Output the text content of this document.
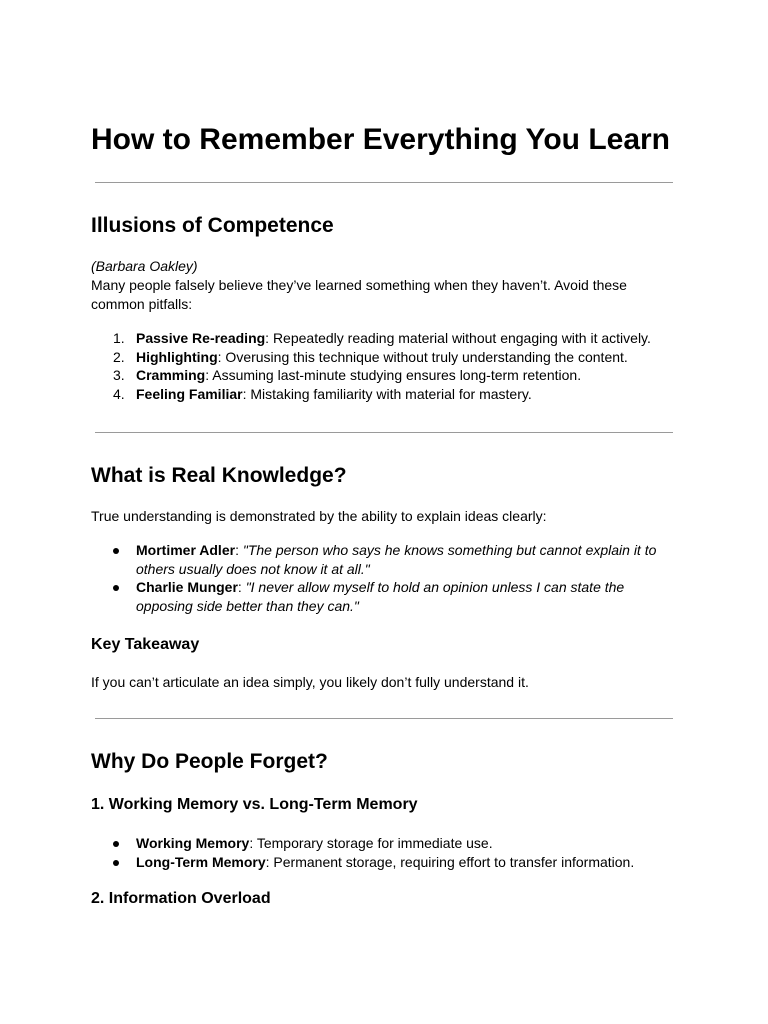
How to Remember Everything You Learn
Illusions of Competence
(Barbara Oakley)
Many people falsely believe they’ve learned something when they haven’t. Avoid these common pitfalls:
1. Passive Re-reading: Repeatedly reading material without engaging with it actively.
2. Highlighting: Overusing this technique without truly understanding the content.
3. Cramming: Assuming last-minute studying ensures long-term retention.
4. Feeling Familiar: Mistaking familiarity with material for mastery.
What is Real Knowledge?
True understanding is demonstrated by the ability to explain ideas clearly:
Mortimer Adler: "The person who says he knows something but cannot explain it to others usually does not know it at all."
Charlie Munger: "I never allow myself to hold an opinion unless I can state the opposing side better than they can."
Key Takeaway
If you can’t articulate an idea simply, you likely don’t fully understand it.
Why Do People Forget?
1. Working Memory vs. Long-Term Memory
Working Memory: Temporary storage for immediate use.
Long-Term Memory: Permanent storage, requiring effort to transfer information.
2. Information Overload
